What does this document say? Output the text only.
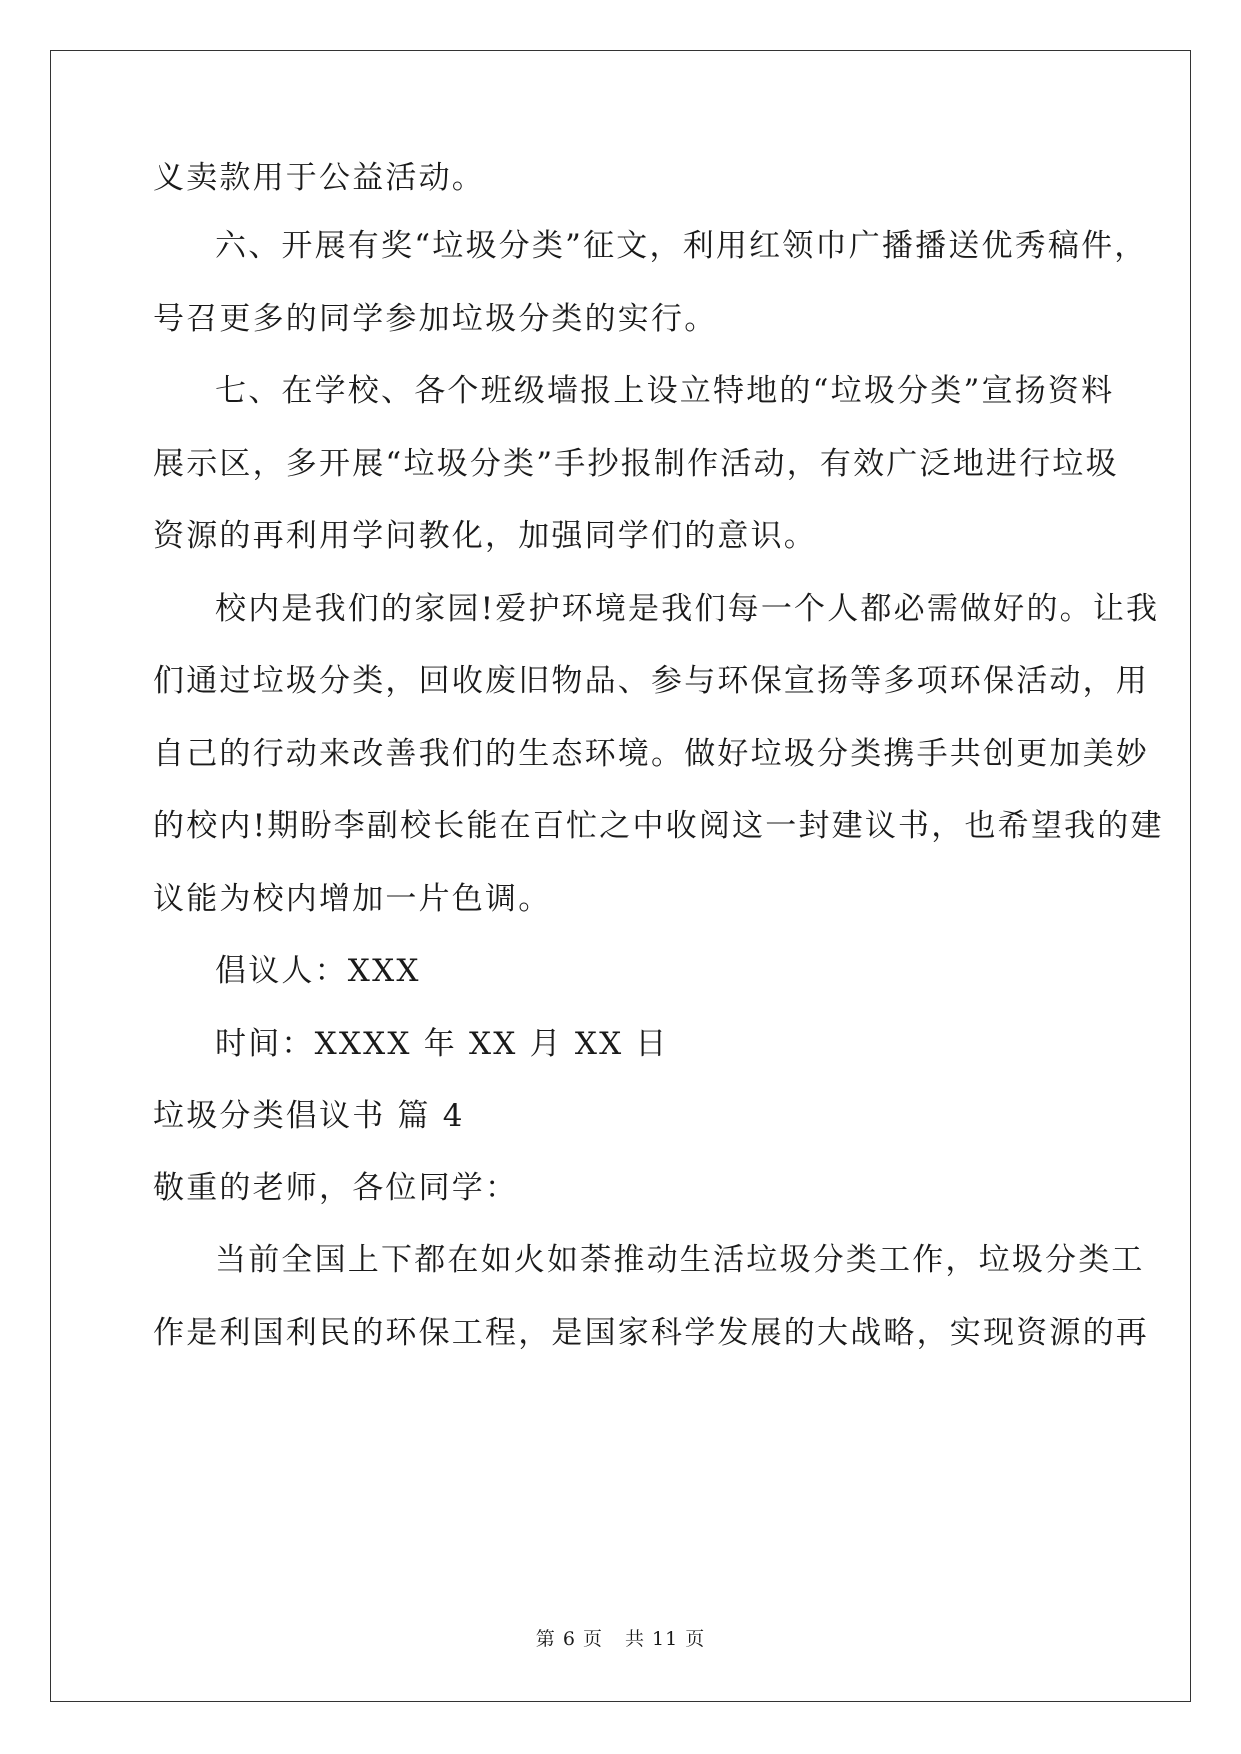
义卖款用于公益活动。
六、开展有奖“垃圾分类”征文，利用红领巾广播播送优秀稿件，
号召更多的同学参加垃圾分类的实行。
七、在学校、各个班级墙报上设立特地的“垃圾分类”宣扬资料
展示区，多开展“垃圾分类”手抄报制作活动，有效广泛地进行垃圾
资源的再利用学问教化，加强同学们的意识。
校内是我们的家园!爱护环境是我们每一个人都必需做好的。让我
们通过垃圾分类，回收废旧物品、参与环保宣扬等多项环保活动，用
自己的行动来改善我们的生态环境。做好垃圾分类携手共创更加美妙
的校内!期盼李副校长能在百忙之中收阅这一封建议书，也希望我的建
议能为校内增加一片色调。
倡议人：XXX
时间：XXXX 年 XX 月 XX 日
垃圾分类倡议书 篇 4
敬重的老师，各位同学：
当前全国上下都在如火如荼推动生活垃圾分类工作，垃圾分类工
作是利国利民的环保工程，是国家科学发展的大战略，实现资源的再
第 6 页 共 11 页
